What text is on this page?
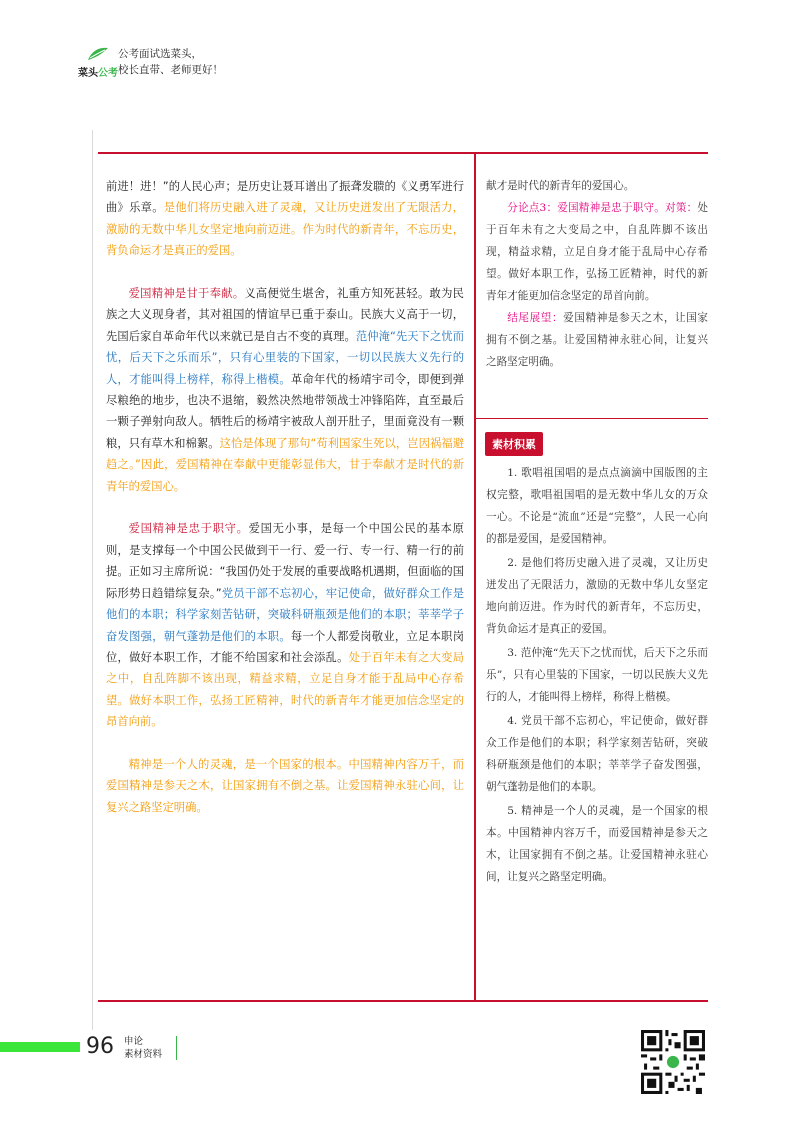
菜头公考
公考面试选菜头，
校长直带、老师更好！

前进！进！”的人民心声；是历史让聂耳谱出了振聋发聩的《义勇军进行曲》乐章。是他们将历史融入进了灵魂，又让历史迸发出了无限活力，激励的无数中华儿女坚定地向前迈进。作为时代的新青年，不忘历史，背负命运才是真正的爱国。

爱国精神是甘于奉献。义高便觉生堪舍，礼重方知死甚轻。敢为民族之大义现身者，其对祖国的情谊早已重于泰山。民族大义高于一切，先国后家自革命年代以来就已是自古不变的真理。范仲淹“先天下之忧而忧，后天下之乐而乐”，只有心里装的下国家，一切以民族大义先行的人，才能叫得上榜样，称得上楷模。革命年代的杨靖宇司令，即便到弹尽粮绝的地步，也决不退缩，毅然决然地带领战士冲锋陷阵，直至最后一颗子弹射向敌人。牺牲后的杨靖宇被敌人剖开肚子，里面竟没有一颗粮，只有草木和棉絮。这恰是体现了那句“苟利国家生死以，岂因祸福避趋之。”因此，爱国精神在奉献中更能彰显伟大，甘于奉献才是时代的新青年的爱国心。

爱国精神是忠于职守。爱国无小事，是每一个中国公民的基本原则，是支撑每一个中国公民做到干一行、爱一行、专一行、精一行的前提。正如习主席所说：“我国仍处于发展的重要战略机遇期，但面临的国际形势日趋错综复杂。”党员干部不忘初心，牢记使命，做好群众工作是他们的本职；科学家刻苦钻研，突破科研瓶颈是他们的本职；莘莘学子奋发图强，朝气蓬勃是他们的本职。每一个人都爱岗敬业，立足本职岗位，做好本职工作，才能不给国家和社会添乱。处于百年未有之大变局之中，自乱阵脚不该出现，精益求精，立足自身才能于乱局中心存希望。做好本职工作，弘扬工匠精神，时代的新青年才能更加信念坚定的昂首向前。

精神是一个人的灵魂，是一个国家的根本。中国精神内容万千，而爱国精神是参天之木，让国家拥有不倒之基。让爱国精神永驻心间，让复兴之路坚定明确。

献才是时代的新青年的爱国心。

分论点3：爱国精神是忠于职守。对策：处于百年未有之大变局之中，自乱阵脚不该出现，精益求精，立足自身才能于乱局中心存希望。做好本职工作，弘扬工匠精神，时代的新青年才能更加信念坚定的昂首向前。

结尾展望：爱国精神是参天之木，让国家拥有不倒之基。让爱国精神永驻心间，让复兴之路坚定明确。

素材积累

1. 歌唱祖国唱的是点点滴滴中国版图的主权完整，歌唱祖国唱的是无数中华儿女的万众一心。不论是“流血”还是“完整”，人民一心向的都是爱国，是爱国精神。

2. 是他们将历史融入进了灵魂，又让历史迸发出了无限活力，激励的无数中华儿女坚定地向前迈进。作为时代的新青年，不忘历史，背负命运才是真正的爱国。

3. 范仲淹“先天下之忧而忧，后天下之乐而乐”，只有心里装的下国家，一切以民族大义先行的人，才能叫得上榜样，称得上楷模。

4. 党员干部不忘初心，牢记使命，做好群众工作是他们的本职；科学家刻苦钻研，突破科研瓶颈是他们的本职；莘莘学子奋发图强，朝气蓬勃是他们的本职。

5. 精神是一个人的灵魂，是一个国家的根本。中国精神内容万千，而爱国精神是参天之木，让国家拥有不倒之基。让爱国精神永驻心间，让复兴之路坚定明确。

96 申论
素材资料
